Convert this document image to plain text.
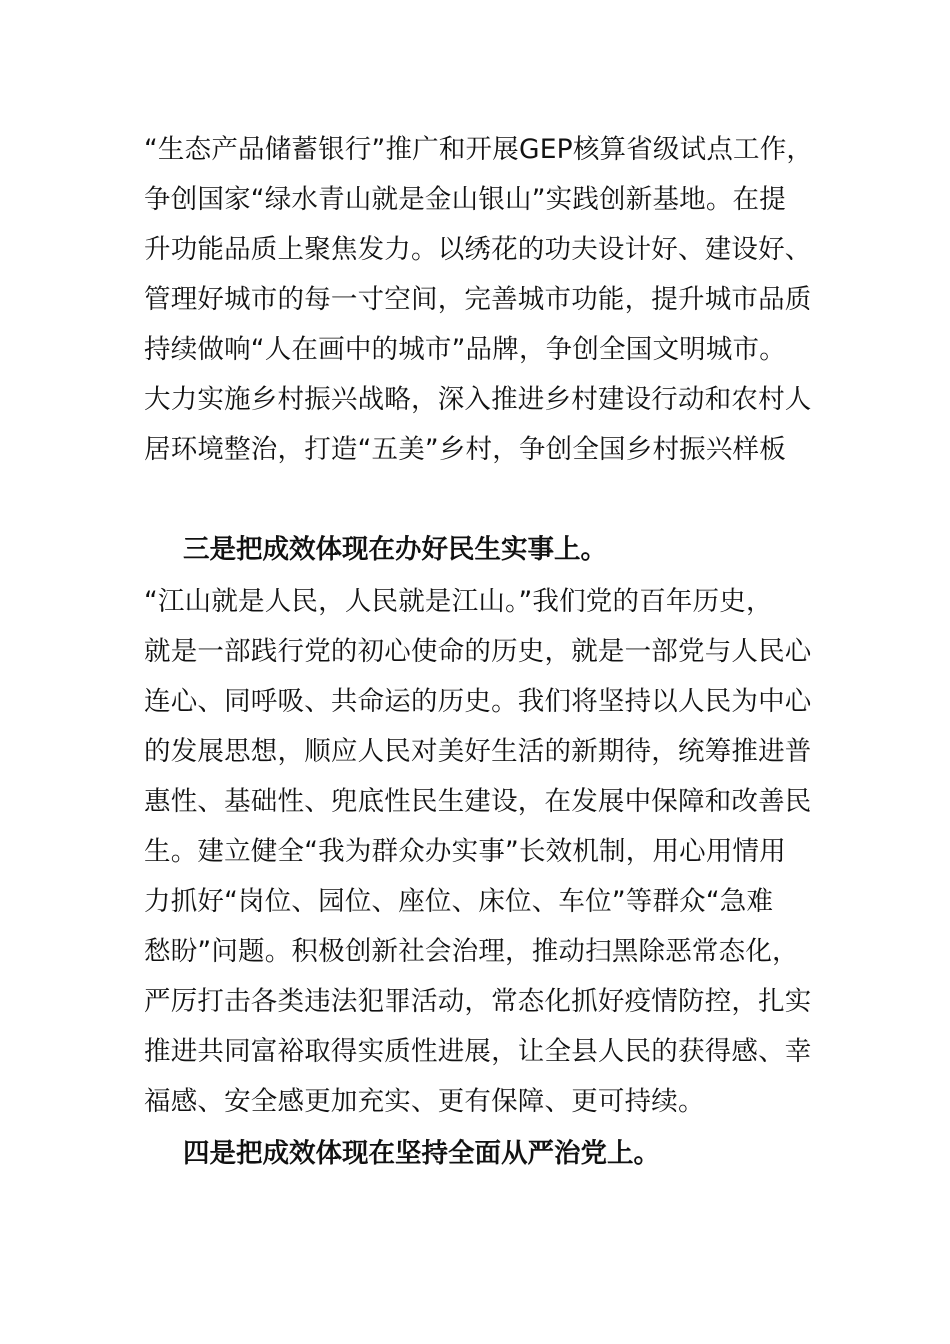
“生态产品储蓄银行”推广和开展GEP核算省级试点工作，
争创国家“绿水青山就是金山银山”实践创新基地。在提
升功能品质上聚焦发力。以绣花的功夫设计好、建设好、
管理好城市的每一寸空间，完善城市功能，提升城市品质
持续做响“人在画中的城市”品牌，争创全国文明城市。
大力实施乡村振兴战略，深入推进乡村建设行动和农村人
居环境整治，打造“五美”乡村，争创全国乡村振兴样板
三是把成效体现在办好民生实事上。
“江山就是人民，人民就是江山。”我们党的百年历史，
就是一部践行党的初心使命的历史，就是一部党与人民心
连心、同呼吸、共命运的历史。我们将坚持以人民为中心
的发展思想，顺应人民对美好生活的新期待，统筹推进普
惠性、基础性、兜底性民生建设，在发展中保障和改善民
生。建立健全“我为群众办实事”长效机制，用心用情用
力抓好“岗位、园位、座位、床位、车位”等群众“急难
愁盼”问题。积极创新社会治理，推动扫黑除恶常态化，
严厉打击各类违法犯罪活动，常态化抓好疫情防控，扎实
推进共同富裕取得实质性进展，让全县人民的获得感、幸
福感、安全感更加充实、更有保障、更可持续。
四是把成效体现在坚持全面从严治党上。
